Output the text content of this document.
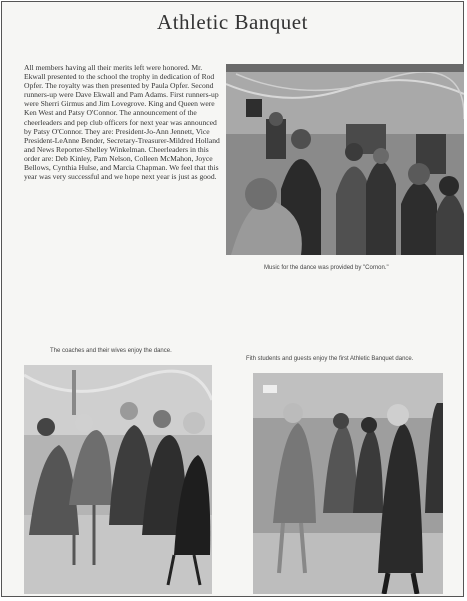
Athletic Banquet

All members having all their merits left were honored. Mr. Ekwall presented to the school the trophy in dedication of Rod Opfer. The royalty was then presented by Paula Opfer. Second runners-up were Dave Ekwall and Pam Adams. First runners-up were Sherri Girmus and Jim Lovegrove. King and Queen were Ken West and Patsy O'Connor. The announcement of the cheerleaders and pep club officers for next year was announced by Patsy O'Connor. They are: President-Jo-Ann Jennett, Vice President-LeAnne Bender, Secretary-Treasurer-Mildred Holland and News Reporter-Shelley Winkelman. Cheerleaders in this order are: Deb Kinley, Pam Nelson, Colleen McMahon, Joyce Bellows, Cynthia Hulse, and Marcia Chapman. We feel that this year was very successful and we hope next year is just as good.

Music for the dance was provided by "Cornon."
The coaches and their wives enjoy the dance.
Fith students and guests enjoy the first Athletic Banquet dance.
